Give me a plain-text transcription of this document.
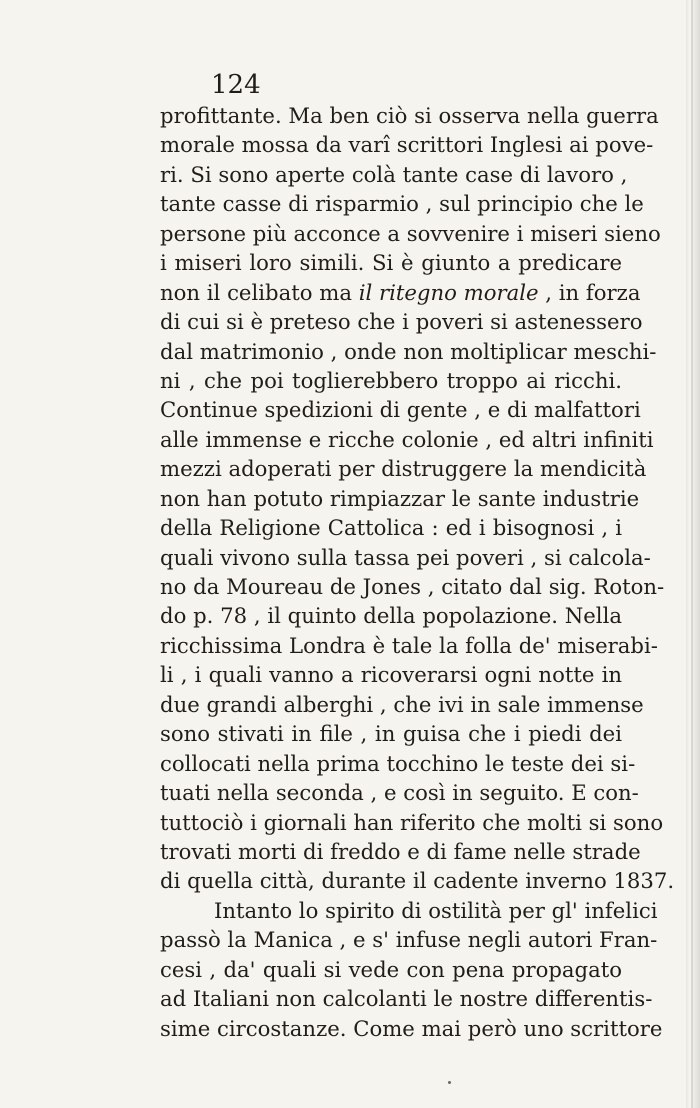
124
profittante. Ma ben ciò si osserva nella guerra
morale mossa da varî scrittori Inglesi ai pove-
ri. Si sono aperte colà tante case di lavoro ,
tante casse di risparmio , sul principio che le
persone più acconce a sovvenire i miseri sieno
i miseri loro simili. Si è giunto a predicare
non il celibato ma il ritegno morale , in forza
di cui si è preteso che i poveri si astenessero
dal matrimonio , onde non moltiplicar meschi-
ni , che poi toglierebbero troppo ai ricchi.
Continue spedizioni di gente , e di malfattori
alle immense e ricche colonie , ed altri infiniti
mezzi adoperati per distruggere la mendicità
non han potuto rimpiazzar le sante industrie
della Religione Cattolica : ed i bisognosi , i
quali vivono sulla tassa pei poveri , si calcola-
no da Moureau de Jones , citato dal sig. Roton-
do p. 78 , il quinto della popolazione. Nella
ricchissima Londra è tale la folla de' miserabi-
li , i quali vanno a ricoverarsi ogni notte in
due grandi alberghi , che ivi in sale immense
sono stivati in file , in guisa che i piedi dei
collocati nella prima tocchino le teste dei si-
tuati nella seconda , e così in seguito. E con-
tuttociò i giornali han riferito che molti si sono
trovati morti di freddo e di fame nelle strade
di quella città, durante il cadente inverno 1837.
Intanto lo spirito di ostilità per gl' infelici
passò la Manica , e s' infuse negli autori Fran-
cesi , da' quali si vede con pena propagato
ad Italiani non calcolanti le nostre differentis-
sime circostanze. Come mai però uno scrittore
